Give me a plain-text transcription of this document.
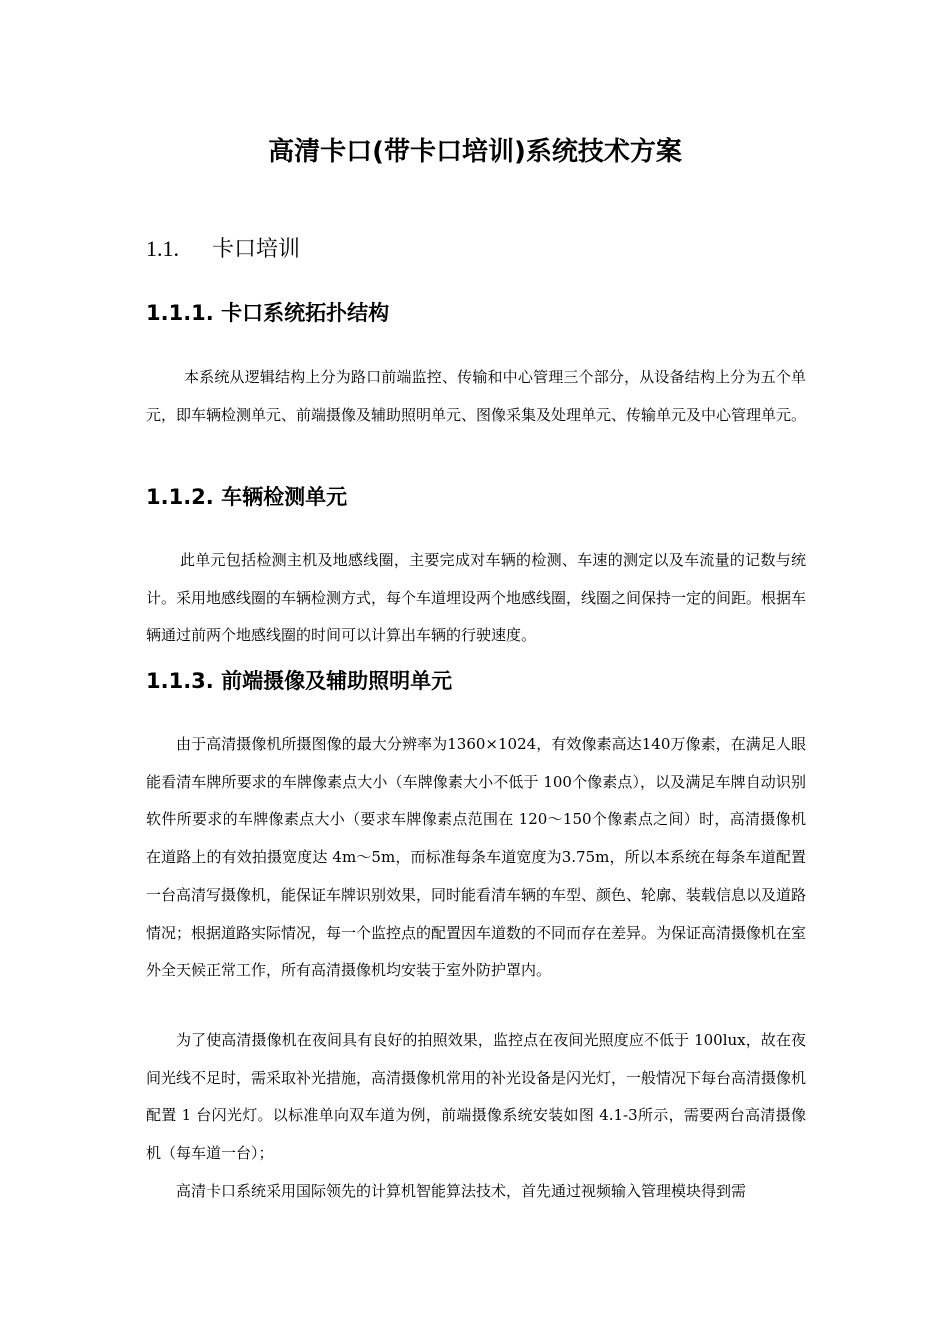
高清卡口(带卡口培训)系统技术方案
1.1. 卡口培训
1.1.1. 卡口系统拓扑结构
本系统从逻辑结构上分为路口前端监控、传输和中心管理三个部分，从设备结构上分为五个单元，即车辆检测单元、前端摄像及辅助照明单元、图像采集及处理单元、传输单元及中心管理单元。
1.1.2. 车辆检测单元
此单元包括检测主机及地感线圈，主要完成对车辆的检测、车速的测定以及车流量的记数与统计。采用地感线圈的车辆检测方式，每个车道埋设两个地感线圈，线圈之间保持一定的间距。根据车辆通过前两个地感线圈的时间可以计算出车辆的行驶速度。
1.1.3. 前端摄像及辅助照明单元
由于高清摄像机所摄图像的最大分辨率为1360×1024，有效像素高达140万像素，在满足人眼能看清车牌所要求的车牌像素点大小（车牌像素大小不低于 100个像素点），以及满足车牌自动识别软件所要求的车牌像素点大小（要求车牌像素点范围在 120～150个像素点之间）时，高清摄像机在道路上的有效拍摄宽度达 4m～5m，而标准每条车道宽度为3.75m，所以本系统在每条车道配置一台高清写摄像机，能保证车牌识别效果，同时能看清车辆的车型、颜色、轮廓、装载信息以及道路情况；根据道路实际情况，每一个监控点的配置因车道数的不同而存在差异。为保证高清摄像机在室外全天候正常工作，所有高清摄像机均安装于室外防护罩内。
为了使高清摄像机在夜间具有良好的拍照效果，监控点在夜间光照度应不低于 100lux，故在夜间光线不足时，需采取补光措施，高清摄像机常用的补光设备是闪光灯，一般情况下每台高清摄像机配置 1 台闪光灯。以标准单向双车道为例，前端摄像系统安装如图 4.1-3所示，需要两台高清摄像机（每车道一台）；
高清卡口系统采用国际领先的计算机智能算法技术，首先通过视频输入管理模块得到需
